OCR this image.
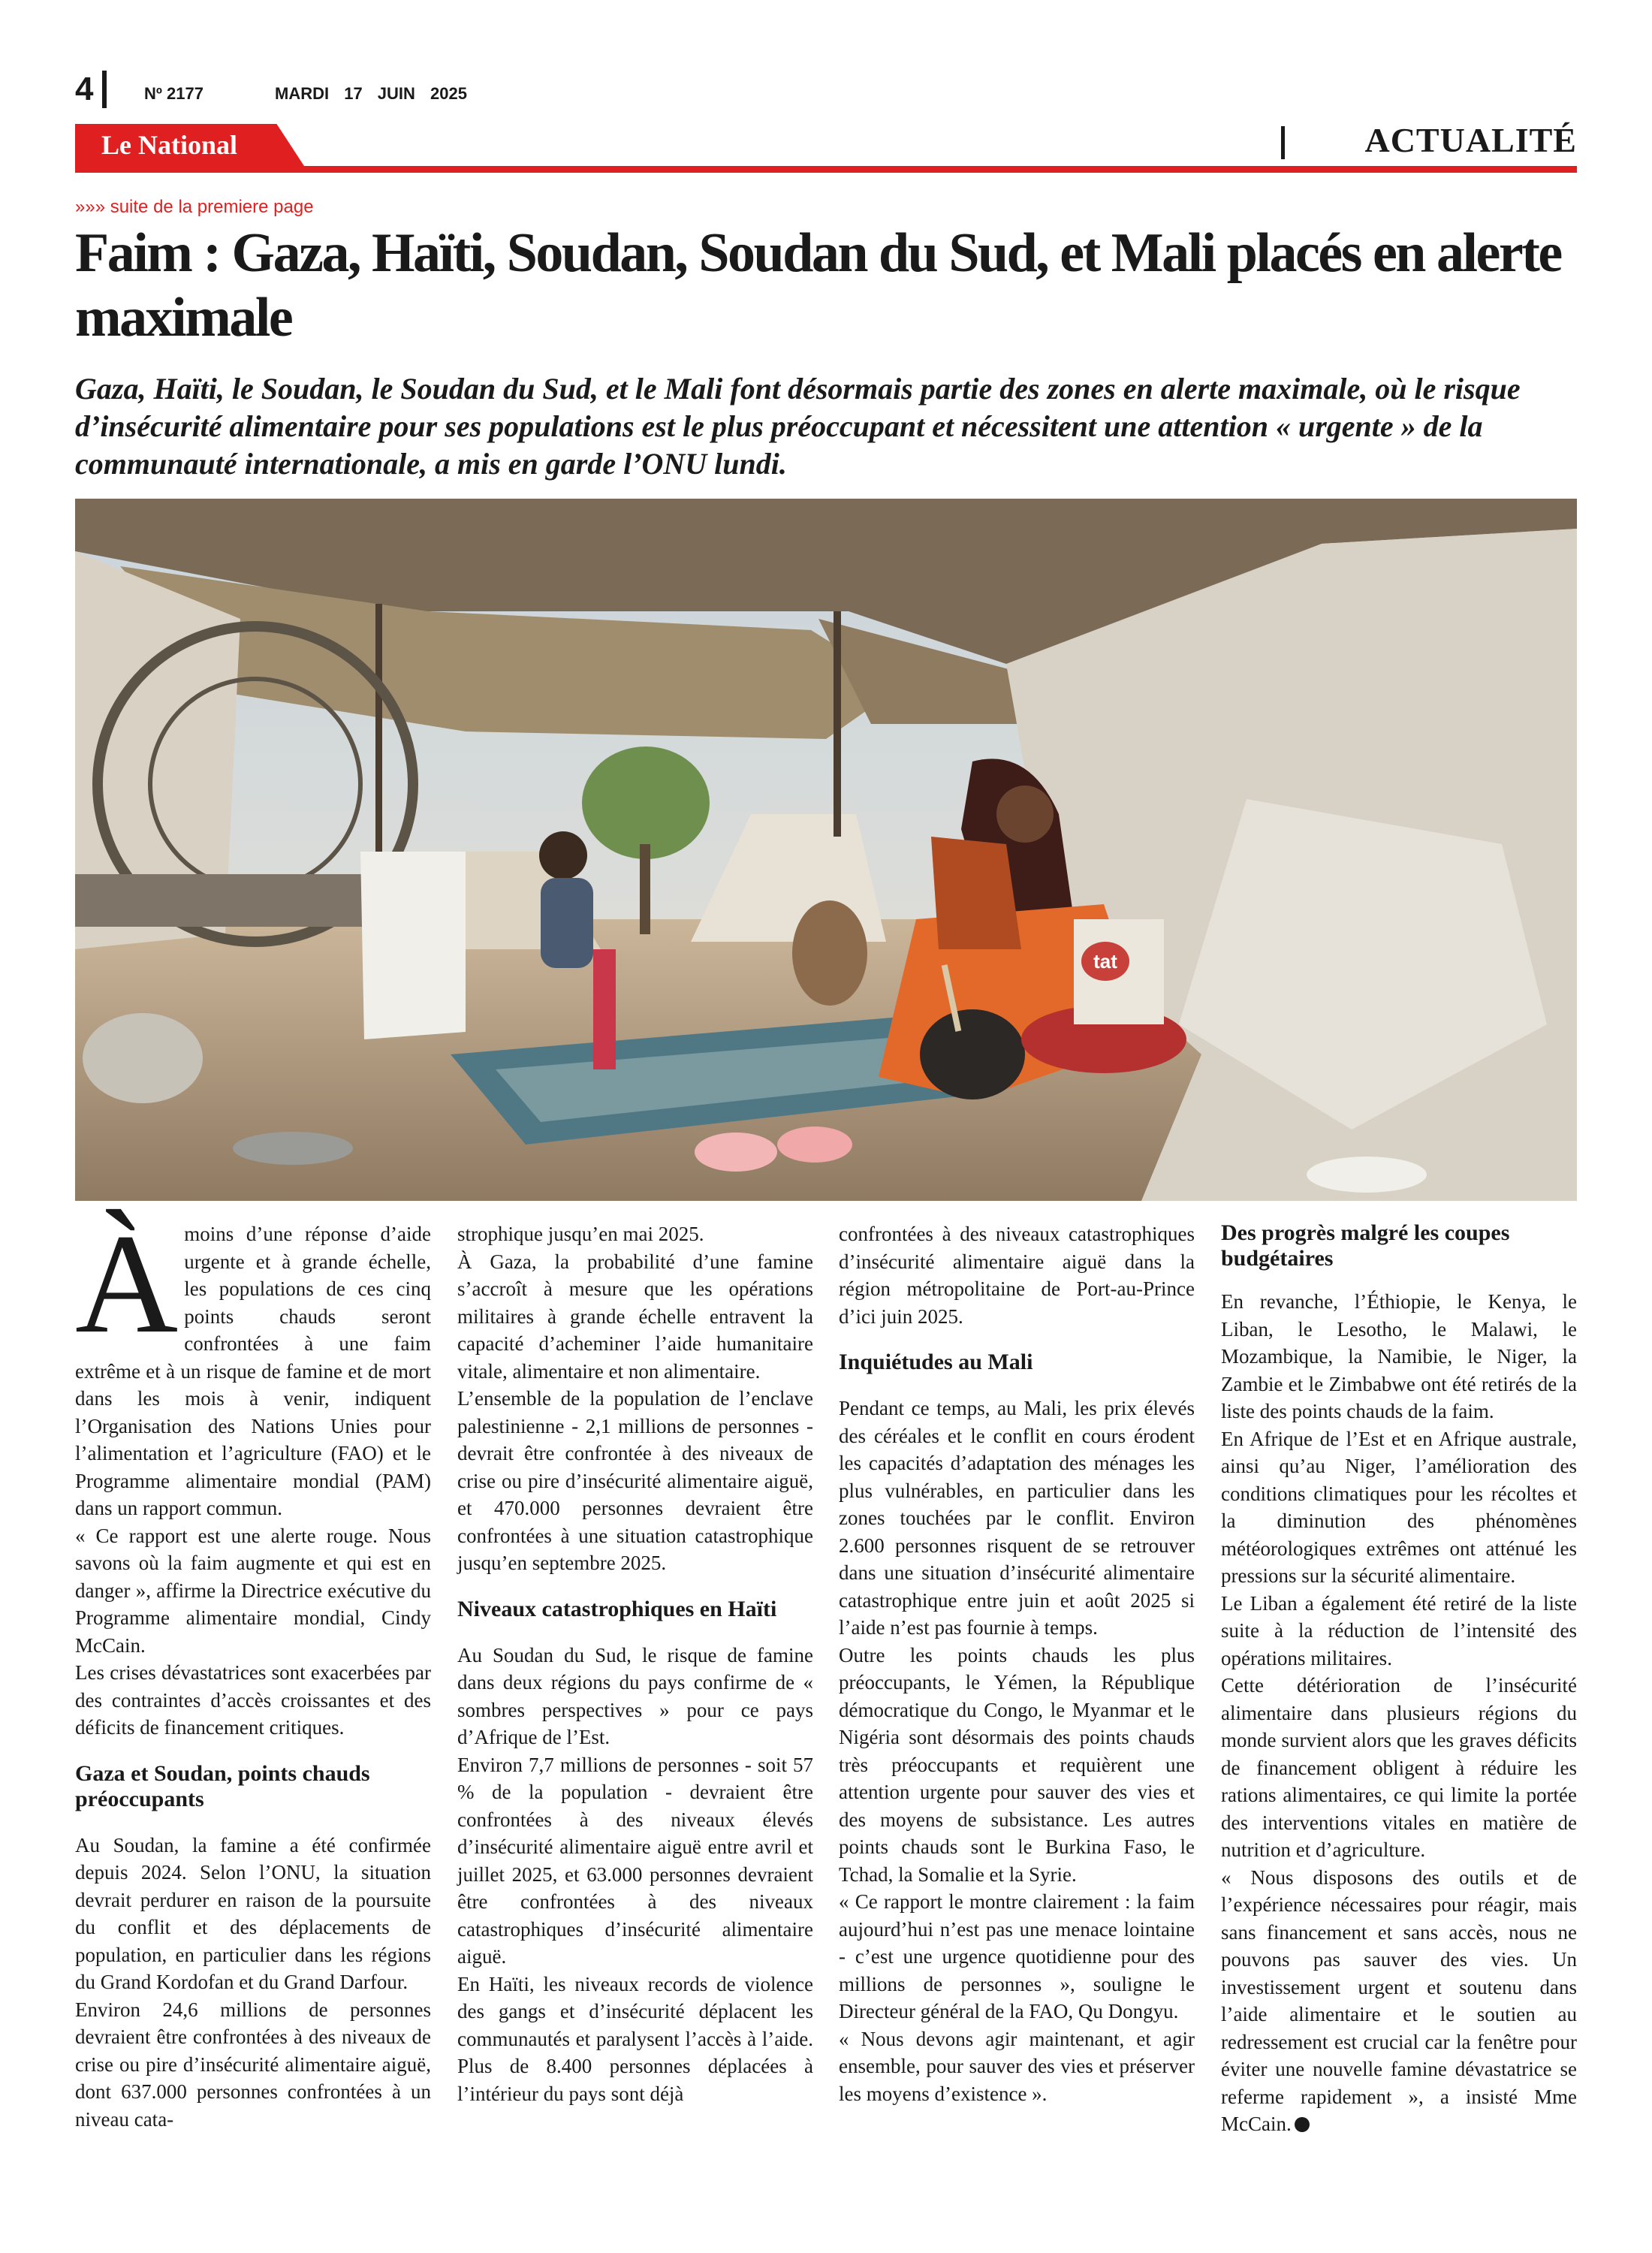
4	Nº 2177	MARDI 17 JUIN 2025
Le National	ACTUALITÉ
»»» suite de la premiere page
Faim : Gaza, Haïti, Soudan, Soudan du Sud, et Mali placés en alerte maximale

Gaza, Haïti, le Soudan, le Soudan du Sud, et le Mali font désormais partie des zones en alerte maximale, où le risque d’insécurité alimentaire pour ses populations est le plus préoccupant et nécessitent une attention « urgente » de la communauté internationale, a mis en garde l’ONU lundi.

tat
À moins d’une réponse d’aide urgente et à grande échelle, les populations de ces cinq points chauds seront confrontées à une faim extrême et à un risque de famine et de mort dans les mois à venir, indiquent l’Organisation des Nations Unies pour l’alimentation et l’agriculture (FAO) et le Programme alimentaire mondial (PAM) dans un rapport commun.

« Ce rapport est une alerte rouge. Nous savons où la faim augmente et qui est en danger », affirme la Directrice exécutive du Programme alimentaire mondial, Cindy McCain.

Les crises dévastatrices sont exacerbées par des contraintes d’accès croissantes et des déficits de financement critiques.

Gaza et Soudan, points chauds préoccupants

Au Soudan, la famine a été confirmée depuis 2024. Selon l’ONU, la situation devrait perdurer en raison de la poursuite du conflit et des déplacements de population, en particulier dans les régions du Grand Kordofan et du Grand Darfour.

Environ 24,6 millions de personnes devraient être confrontées à des niveaux de crise ou pire d’insécurité alimentaire aiguë, dont 637.000 personnes confrontées à un niveau cata-

strophique jusqu’en mai 2025.

À Gaza, la probabilité d’une famine s’accroît à mesure que les opérations militaires à grande échelle entravent la capacité d’acheminer l’aide humanitaire vitale, alimentaire et non alimentaire.

L’ensemble de la population de l’enclave palestinienne - 2,1 millions de personnes - devrait être confrontée à des niveaux de crise ou pire d’insécurité alimentaire aiguë, et 470.000 personnes devraient être confrontées à une situation catastrophique jusqu’en septembre 2025.

Niveaux catastrophiques en Haïti

Au Soudan du Sud, le risque de famine dans deux régions du pays confirme de « sombres perspectives » pour ce pays d’Afrique de l’Est.

Environ 7,7 millions de personnes - soit 57 % de la population - devraient être confrontées à des niveaux élevés d’insécurité alimentaire aiguë entre avril et juillet 2025, et 63.000 personnes devraient être confrontées à des niveaux catastrophiques d’insécurité alimentaire aiguë.

En Haïti, les niveaux records de violence des gangs et d’insécurité déplacent les communautés et paralysent l’accès à l’aide. Plus de 8.400 personnes déplacées à l’intérieur du pays sont déjà

confrontées à des niveaux catastrophiques d’insécurité alimentaire aiguë dans la région métropolitaine de Port-au-Prince d’ici juin 2025.

Inquiétudes au Mali

Pendant ce temps, au Mali, les prix élevés des céréales et le conflit en cours érodent les capacités d’adaptation des ménages les plus vulnérables, en particulier dans les zones touchées par le conflit. Environ 2.600 personnes risquent de se retrouver dans une situation d’insécurité alimentaire catastrophique entre juin et août 2025 si l’aide n’est pas fournie à temps.

Outre les points chauds les plus préoccupants, le Yémen, la République démocratique du Congo, le Myanmar et le Nigéria sont désormais des points chauds très préoccupants et requièrent une attention urgente pour sauver des vies et des moyens de subsistance. Les autres points chauds sont le Burkina Faso, le Tchad, la Somalie et la Syrie.

« Ce rapport le montre clairement : la faim aujourd’hui n’est pas une menace lointaine - c’est une urgence quotidienne pour des millions de personnes », souligne le Directeur général de la FAO, Qu Dongyu.

« Nous devons agir maintenant, et agir ensemble, pour sauver des vies et préserver les moyens d’existence ».

Des progrès malgré les coupes budgétaires

En revanche, l’Éthiopie, le Kenya, le Liban, le Lesotho, le Malawi, le Mozambique, la Namibie, le Niger, la Zambie et le Zimbabwe ont été retirés de la liste des points chauds de la faim.

En Afrique de l’Est et en Afrique australe, ainsi qu’au Niger, l’amélioration des conditions climatiques pour les récoltes et la diminution des phénomènes météorologiques extrêmes ont atténué les pressions sur la sécurité alimentaire.

Le Liban a également été retiré de la liste suite à la réduction de l’intensité des opérations militaires.

Cette détérioration de l’insécurité alimentaire dans plusieurs régions du monde survient alors que les graves déficits de financement obligent à réduire les rations alimentaires, ce qui limite la portée des interventions vitales en matière de nutrition et d’agriculture.

« Nous disposons des outils et de l’expérience nécessaires pour réagir, mais sans financement et sans accès, nous ne pouvons pas sauver des vies. Un investissement urgent et soutenu dans l’aide alimentaire et le soutien au redressement est crucial car la fenêtre pour éviter une nouvelle famine dévastatrice se referme rapidement », a insisté Mme McCain.
